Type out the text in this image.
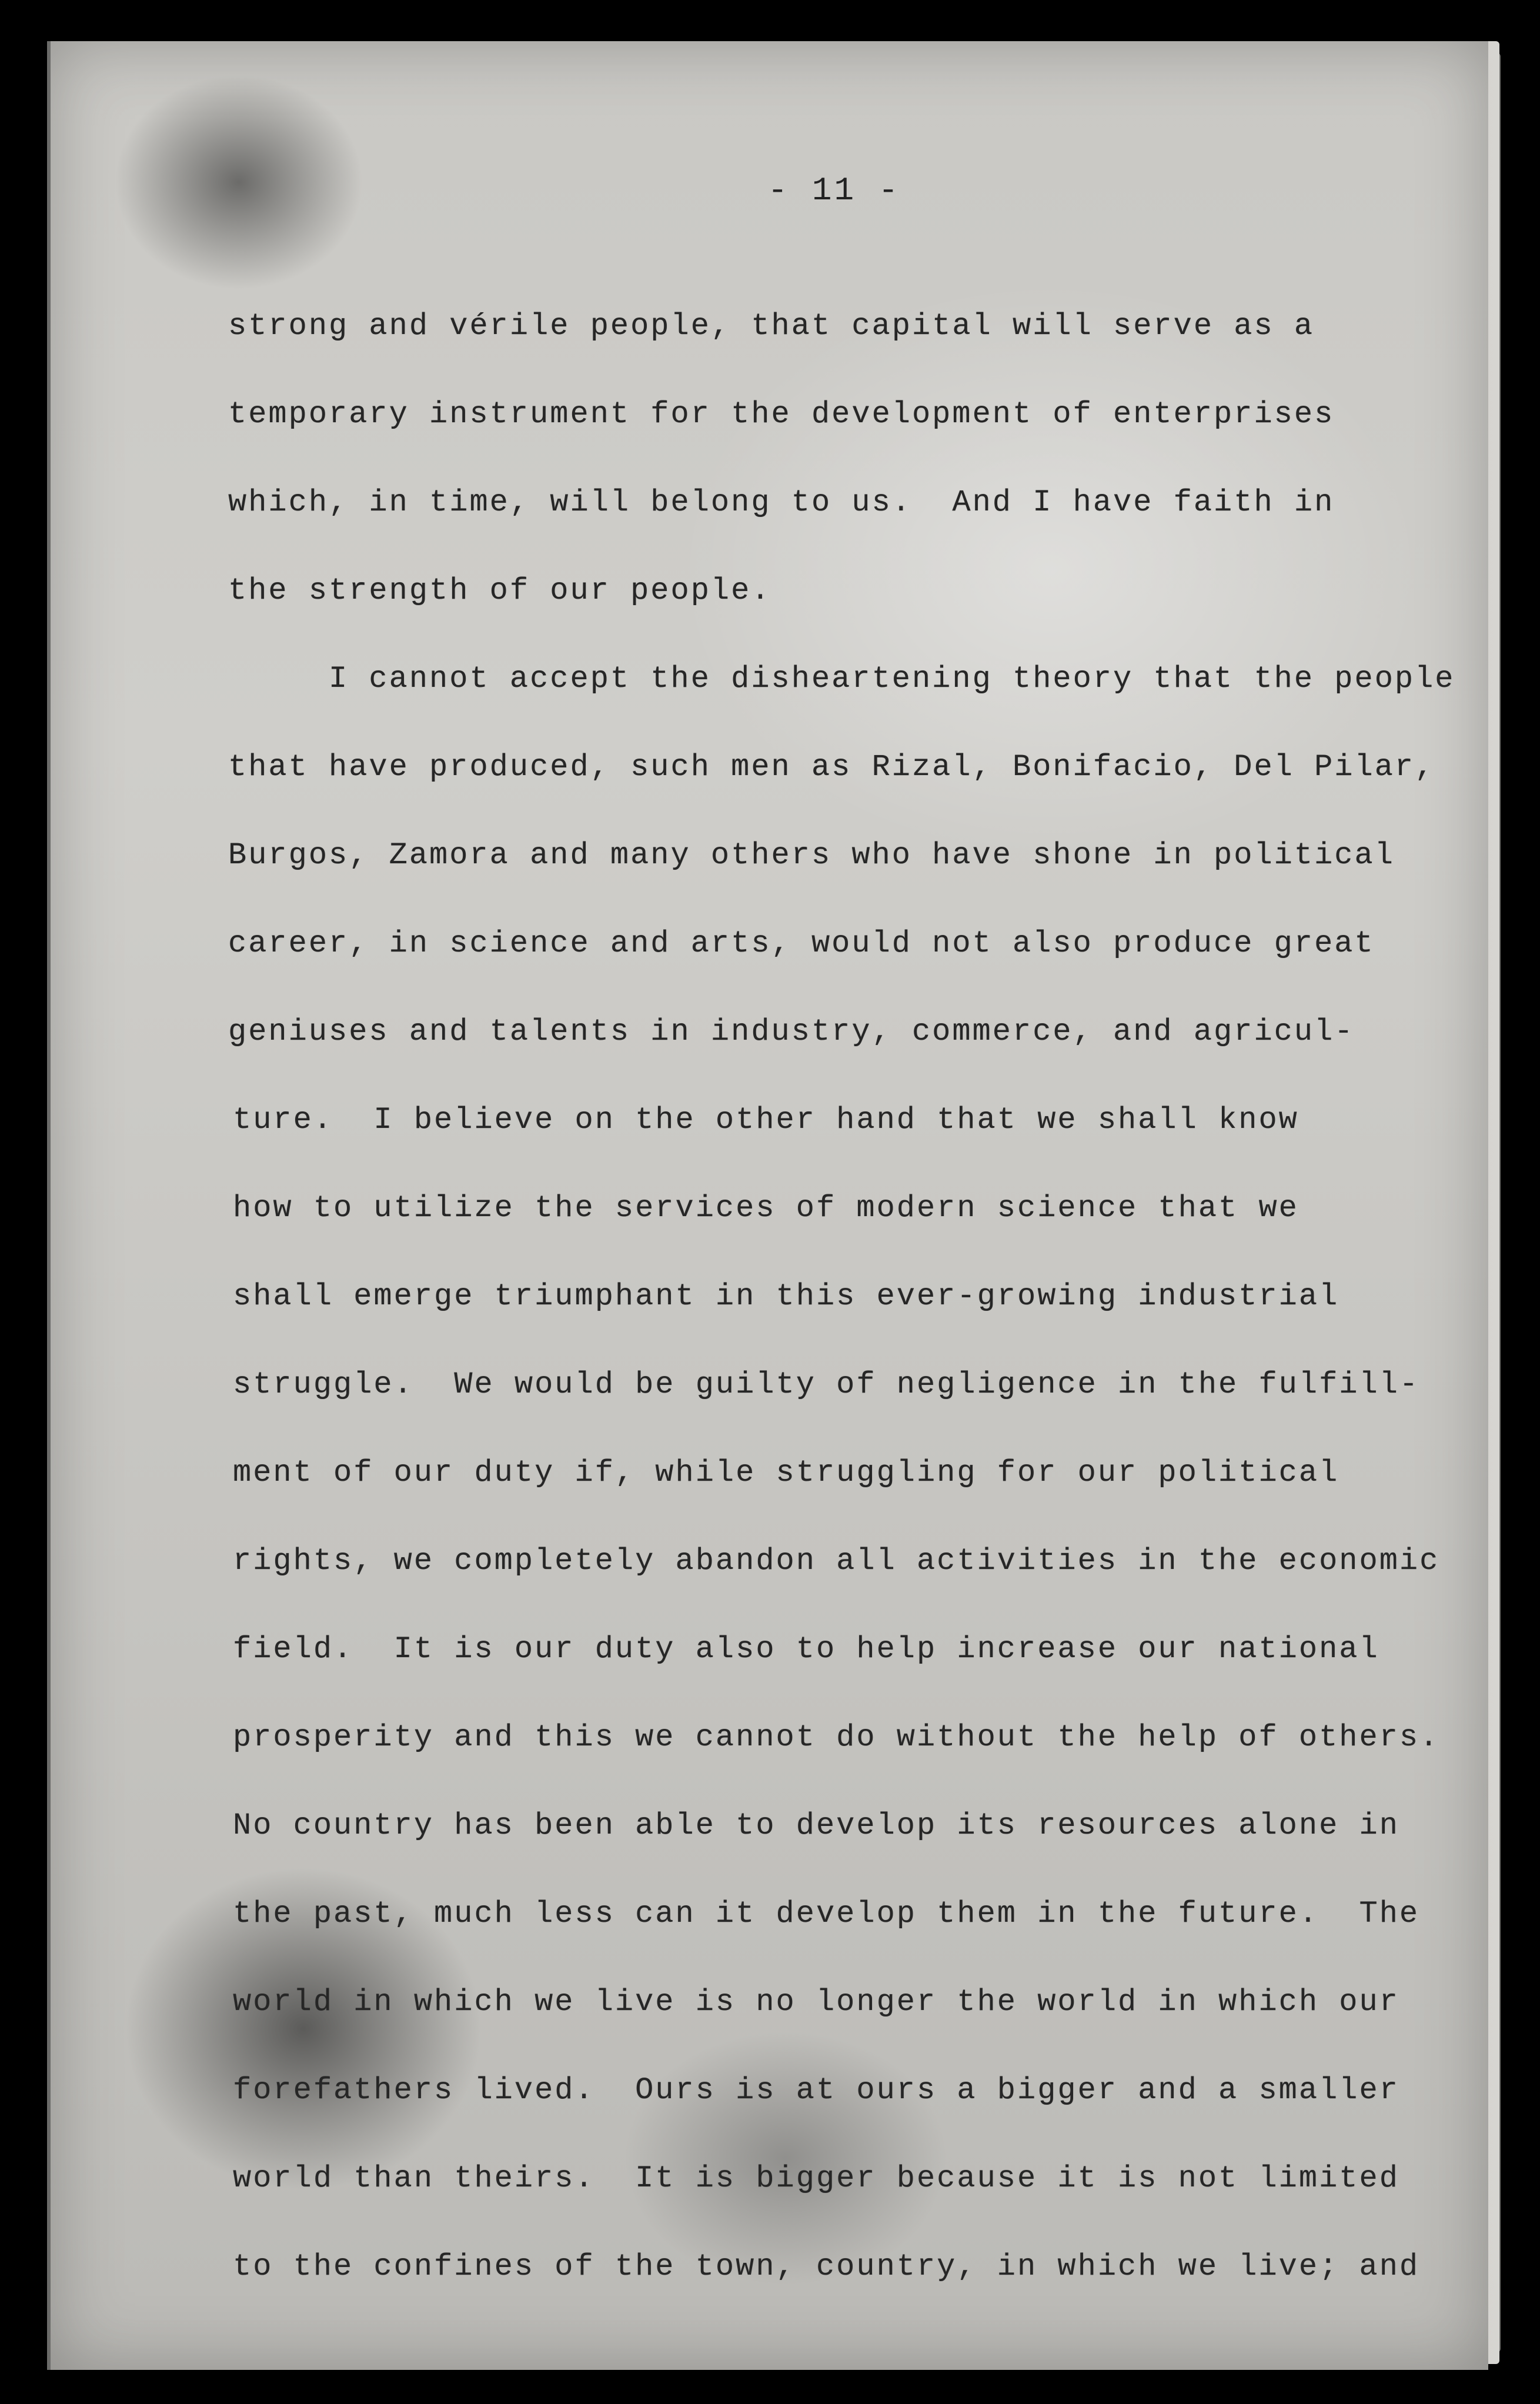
- 11 -
strong and vérile people, that capital will serve as a
temporary instrument for the development of enterprises
which, in time, will belong to us.  And I have faith in
the strength of our people.
I cannot accept the disheartening theory that the people
that have produced, such men as Rizal, Bonifacio, Del Pilar,
Burgos, Zamora and many others who have shone in political
career, in science and arts, would not also produce great
geniuses and talents in industry, commerce, and agricul-
ture.  I believe on the other hand that we shall know
how to utilize the services of modern science that we
shall emerge triumphant in this ever-growing industrial
struggle.  We would be guilty of negligence in the fulfill-
ment of our duty if, while struggling for our political
rights, we completely abandon all activities in the economic
field.  It is our duty also to help increase our national
prosperity and this we cannot do without the help of others.
No country has been able to develop its resources alone in
the past, much less can it develop them in the future.  The
world in which we live is no longer the world in which our
forefathers lived.  Ours is at ours a bigger and a smaller
world than theirs.  It is bigger because it is not limited
to the confines of the town, country, in which we live; and
